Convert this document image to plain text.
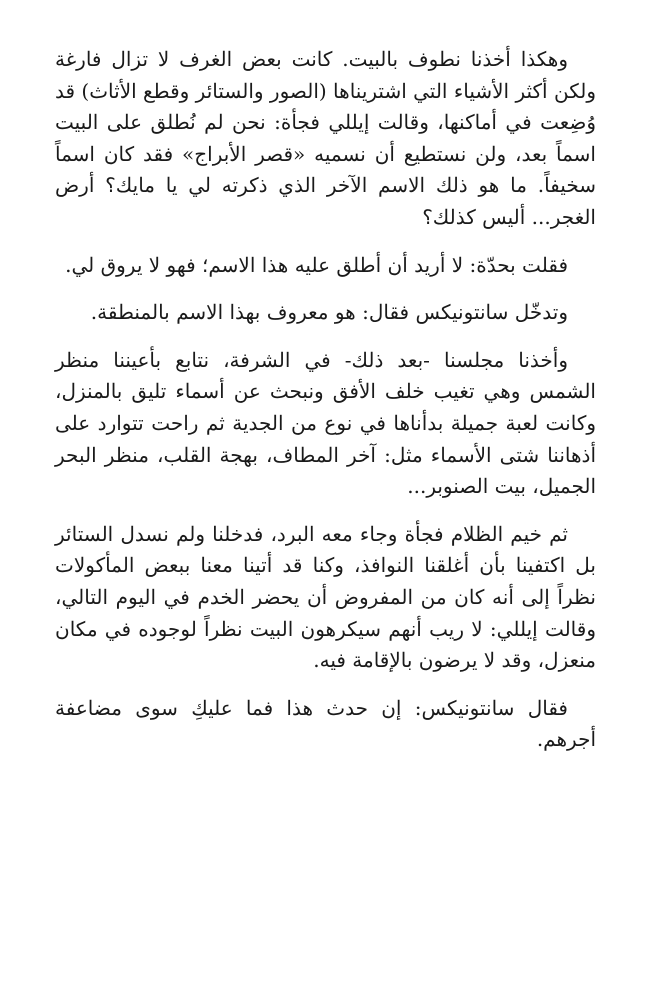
وهكذا أخذنا نطوف بالبيت. كانت بعض الغرف لا تزال فارغة ولكن أكثر الأشياء التي اشتريناها (الصور والستائر وقطع الأثاث) قد وُضِعت في أماكنها، وقالت إيللي فجأة: نحن لم نُطلق على البيت اسماً بعد، ولن نستطيع أن نسميه «قصر الأبراج» فقد كان اسماً سخيفاً. ما هو ذلك الاسم الآخر الذي ذكرته لي يا مايك؟ أرض الغجر... أليس كذلك؟

فقلت بحدّة: لا أريد أن أطلق عليه هذا الاسم؛ فهو لا يروق لي.

وتدخّل سانتونيكس فقال: هو معروف بهذا الاسم بالمنطقة.

وأخذنا مجلسنا -بعد ذلك- في الشرفة، نتابع بأعيننا منظر الشمس وهي تغيب خلف الأفق ونبحث عن أسماء تليق بالمنزل، وكانت لعبة جميلة بدأناها في نوع من الجدية ثم راحت تتوارد على أذهاننا شتى الأسماء مثل: آخر المطاف، بهجة القلب، منظر البحر الجميل، بيت الصنوبر...

ثم خيم الظلام فجأة وجاء معه البرد، فدخلنا ولم نسدل الستائر بل اكتفينا بأن أغلقنا النوافذ، وكنا قد أتينا معنا ببعض المأكولات نظراً إلى أنه كان من المفروض أن يحضر الخدم في اليوم التالي، وقالت إيللي: لا ريب أنهم سيكرهون البيت نظراً لوجوده في مكان منعزل، وقد لا يرضون بالإقامة فيه.

فقال سانتونيكس: إن حدث هذا فما عليكِ سوى مضاعفة أجرهم.
